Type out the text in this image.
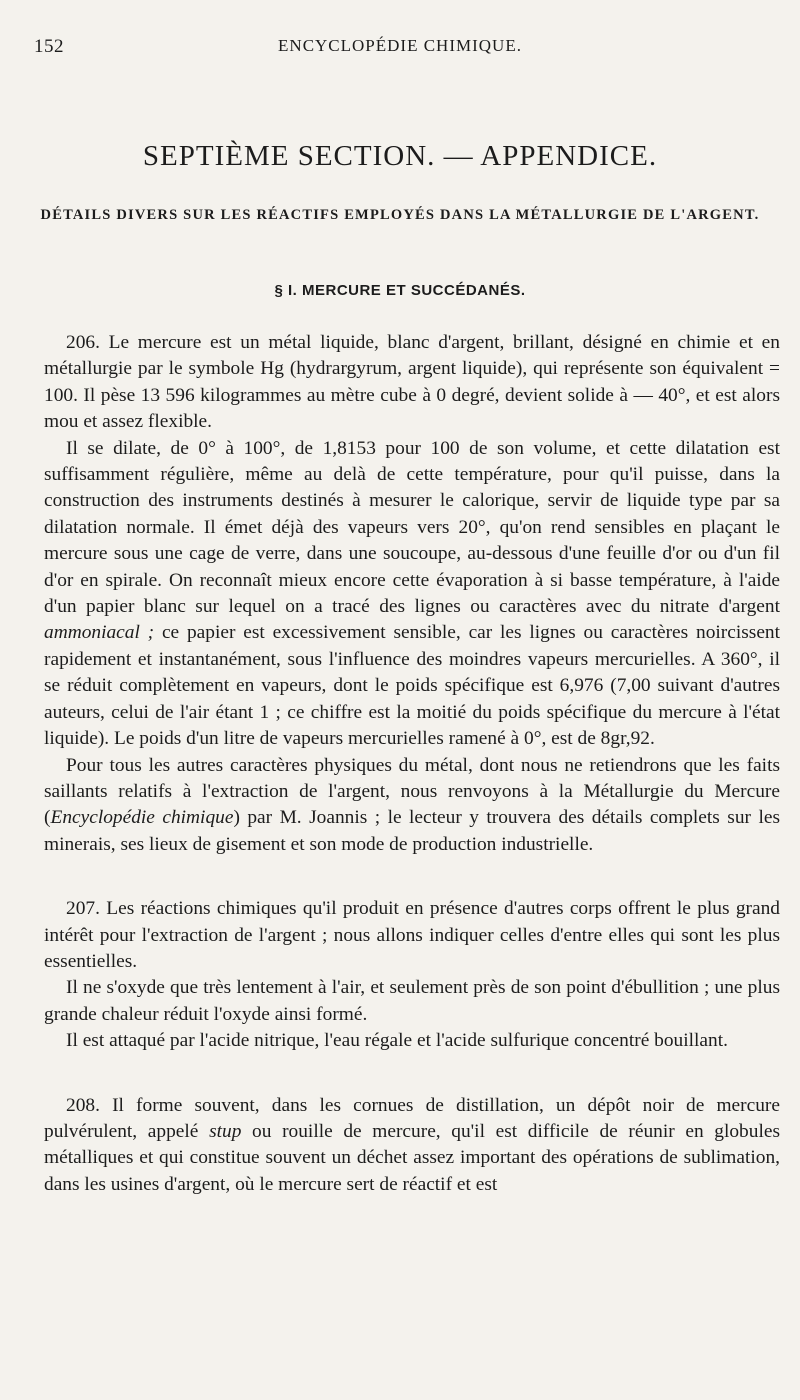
152	ENCYCLOPÉDIE CHIMIQUE.
SEPTIÈME SECTION. — APPENDICE.
DÉTAILS DIVERS SUR LES RÉACTIFS EMPLOYÉS DANS LA MÉTALLURGIE DE L'ARGENT.
§ I. MERCURE ET SUCCÉDANÉS.

206. Le mercure est un métal liquide, blanc d'argent, brillant, désigné en chimie et en métallurgie par le symbole Hg (hydrargyrum, argent liquide), qui représente son équivalent = 100. Il pèse 13 596 kilogrammes au mètre cube à 0 degré, devient solide à — 40°, et est alors mou et assez flexible.

Il se dilate, de 0° à 100°, de 1,8153 pour 100 de son volume, et cette dilatation est suffisamment régulière, même au delà de cette température, pour qu'il puisse, dans la construction des instruments destinés à mesurer le calorique, servir de liquide type par sa dilatation normale. Il émet déjà des vapeurs vers 20°, qu'on rend sensibles en plaçant le mercure sous une cage de verre, dans une soucoupe, au-dessous d'une feuille d'or ou d'un fil d'or en spirale. On reconnaît mieux encore cette évaporation à si basse température, à l'aide d'un papier blanc sur lequel on a tracé des lignes ou caractères avec du nitrate d'argent ammoniacal ; ce papier est excessivement sensible, car les lignes ou caractères noircissent rapidement et instantanément, sous l'influence des moindres vapeurs mercurielles. A 360°, il se réduit complètement en vapeurs, dont le poids spécifique est 6,976 (7,00 suivant d'autres auteurs, celui de l'air étant 1 ; ce chiffre est la moitié du poids spécifique du mercure à l'état liquide). Le poids d'un litre de vapeurs mercurielles ramené à 0°, est de 8gr,92.

Pour tous les autres caractères physiques du métal, dont nous ne retiendrons que les faits saillants relatifs à l'extraction de l'argent, nous renvoyons à la Métallurgie du Mercure (Encyclopédie chimique) par M. Joannis ; le lecteur y trouvera des détails complets sur les minerais, ses lieux de gisement et son mode de production industrielle.

207. Les réactions chimiques qu'il produit en présence d'autres corps offrent le plus grand intérêt pour l'extraction de l'argent ; nous allons indiquer celles d'entre elles qui sont les plus essentielles.

Il ne s'oxyde que très lentement à l'air, et seulement près de son point d'ébullition ; une plus grande chaleur réduit l'oxyde ainsi formé.

Il est attaqué par l'acide nitrique, l'eau régale et l'acide sulfurique concentré bouillant.

208. Il forme souvent, dans les cornues de distillation, un dépôt noir de mercure pulvérulent, appelé stup ou rouille de mercure, qu'il est difficile de réunir en globules métalliques et qui constitue souvent un déchet assez important des opérations de sublimation, dans les usines d'argent, où le mercure sert de réactif et est
